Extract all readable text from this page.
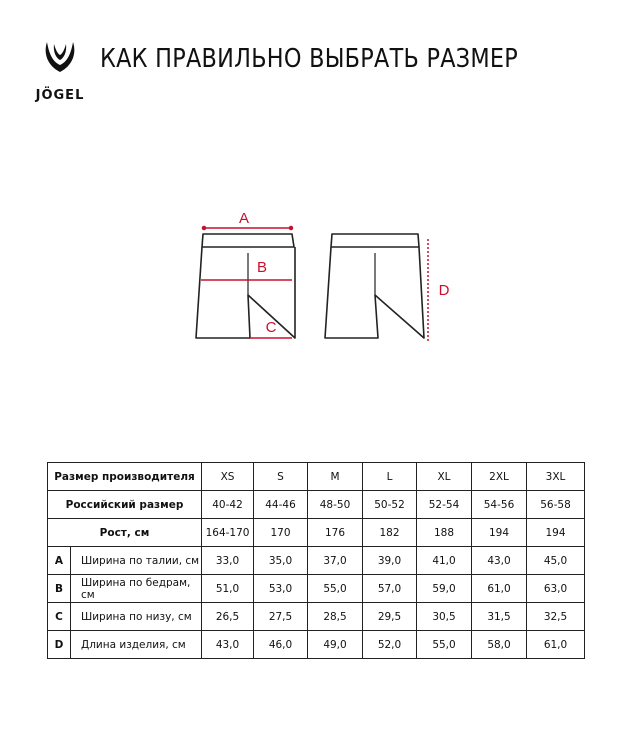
JÖGEL
КАК ПРАВИЛЬНО ВЫБРАТЬ РАЗМЕР
A
B
C
D
Размер производителя		XS	S	M	L	XL	2XL	3XL
Российский размер		40-42	44-46	48-50	50-52	52-54	54-56	56-58
Рост, см		164-170	170	176	182	188	194	194
A	Ширина по талии, см	33,0	35,0	37,0	39,0	41,0	43,0	45,0
B	Ширина по бедрам, см	51,0	53,0	55,0	57,0	59,0	61,0	63,0
C	Ширина по низу, см	26,5	27,5	28,5	29,5	30,5	31,5	32,5
D	Длина изделия, см	43,0	46,0	49,0	52,0	55,0	58,0	61,0
